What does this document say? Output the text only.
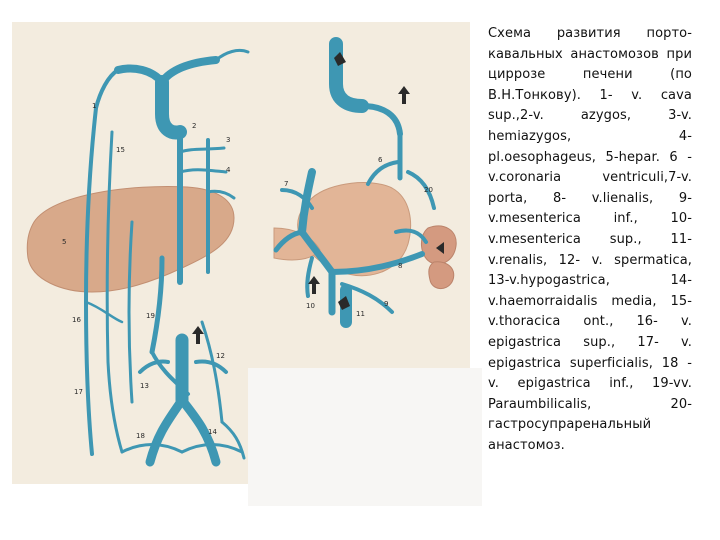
1
2
3
4
5
6
7
8
9
10
11
12
13
14
15
16
17
18
19
20
Схема развития порто-кавальных анастомозов при циррозе печени (по В.Н.Тонкову). 1- v. cava sup.,2-v. azygos, 3-v. hemiazygos, 4-pl.oesophageus, 5-hepar. 6 -v.coronaria ventriculi,7-v. porta, 8- v.lienalis, 9-v.mesenterica inf., 10-v.mesenterica sup., 11-v.renalis, 12- v. spermatica, 13-v.hypogastrica, 14-v.haemorraidalis media, 15-v.thoracica ont., 16- v. epigastrica sup., 17- v. epigastrica superficialis, 18 - v. epigastrica inf., 19-vv. Paraumbilicalis, 20-гастросупраренальный анастомоз.
